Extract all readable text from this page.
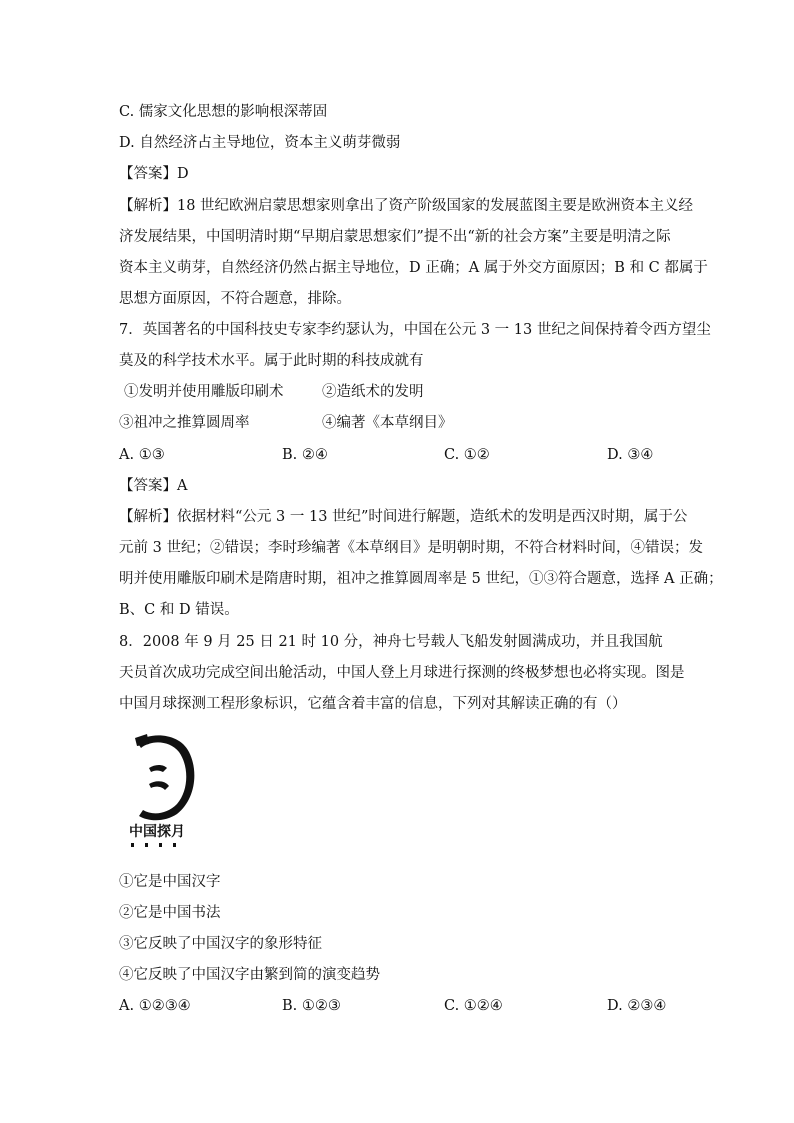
C. 儒家文化思想的影响根深蒂固
D. 自然经济占主导地位，资本主义萌芽微弱
【答案】D
【解析】18 世纪欧洲启蒙思想家则拿出了资产阶级国家的发展蓝图主要是欧洲资本主义经
济发展结果，中国明清时期“早期启蒙思想家们”提不出“新的社会方案”主要是明清之际
资本主义萌芽，自然经济仍然占据主导地位，D 正确；A 属于外交方面原因；B 和 C 都属于
思想方面原因，不符合题意，排除。
7．英国著名的中国科技史专家李约瑟认为，中国在公元 3 一 13 世纪之间保持着令西方望尘
莫及的科学技术水平。属于此时期的科技成就有
①发明并使用雕版印刷术	②造纸术的发明
③祖冲之推算圆周率	④编著《本草纲目》
A. ①③	B. ②④	C. ①②	D. ③④
【答案】A
【解析】依据材料“公元 3 一 13 世纪”时间进行解题，造纸术的发明是西汉时期，属于公
元前 3 世纪；②错误；李时珍编著《本草纲目》是明朝时期，不符合材料时间，④错误；发
明并使用雕版印刷术是隋唐时期，祖冲之推算圆周率是 5 世纪，①③符合题意，选择 A 正确；
B、C 和 D 错误。
8．2008 年 9 月 25 日 21 时 10 分，神舟七号载人飞船发射圆满成功，并且我国航
天员首次成功完成空间出舱活动，中国人登上月球进行探测的终极梦想也必将实现。图是
中国月球探测工程形象标识，它蕴含着丰富的信息，下列对其解读正确的有（）
中国探月
①它是中国汉字
②它是中国书法
③它反映了中国汉字的象形特征
④它反映了中国汉字由繁到简的演变趋势
A. ①②③④	B. ①②③	C. ①②④	D. ②③④
